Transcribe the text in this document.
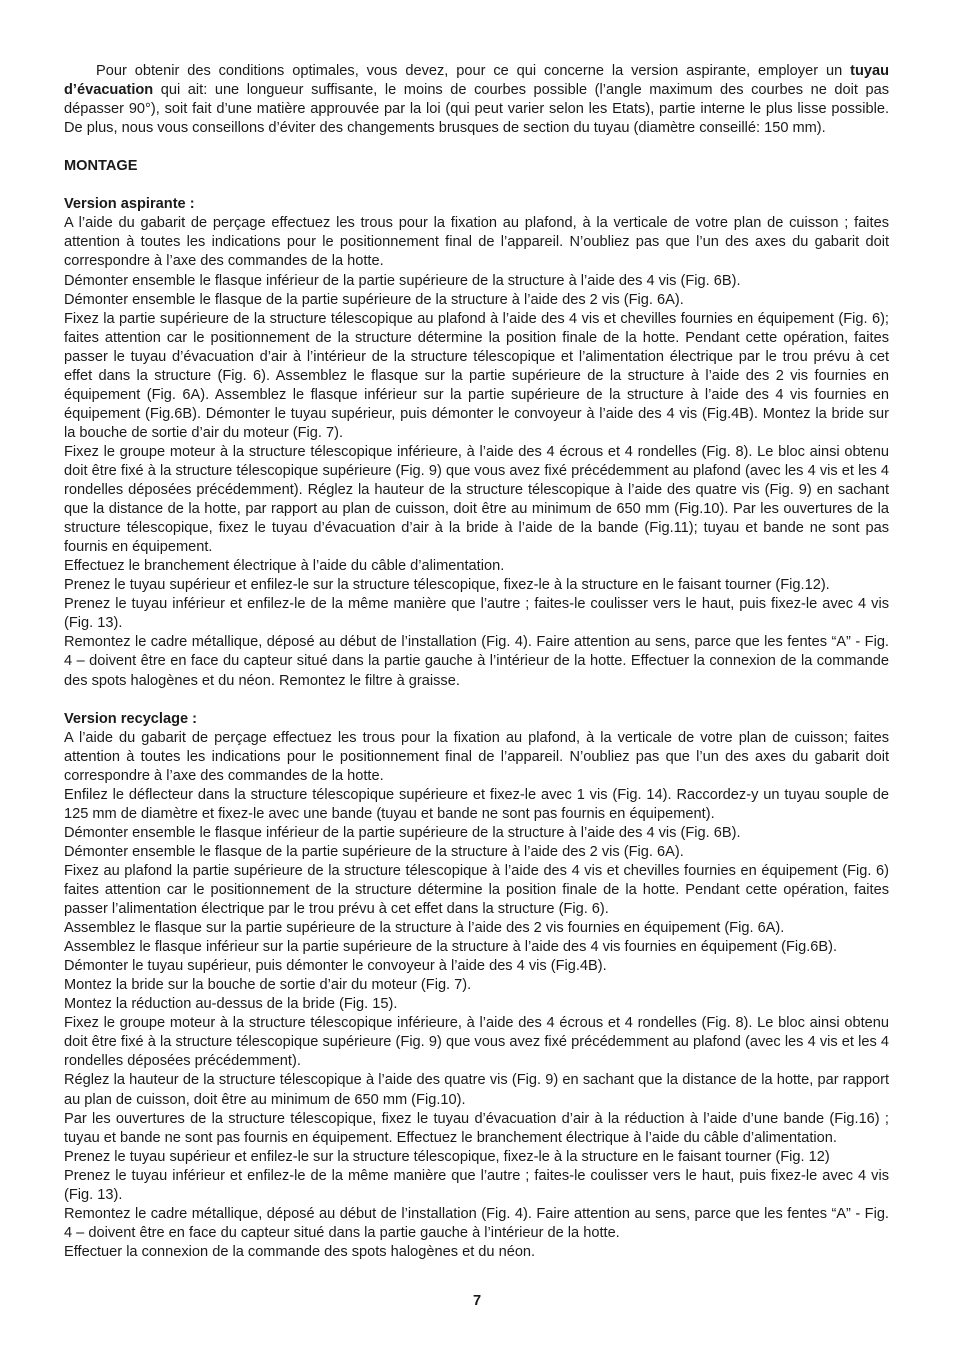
Pour obtenir des conditions optimales, vous devez, pour ce qui concerne la version aspirante, employer un tuyau d’évacuation qui ait: une longueur suffisante, le moins de courbes possible (l’angle maximum des courbes ne doit pas dépasser 90°), soit fait d’une matière approuvée par la loi (qui peut varier selon les Etats), partie interne le plus lisse possible. De plus, nous vous conseillons d’éviter des changements brusques de section du tuyau (diamètre conseillé: 150 mm).

MONTAGE

Version aspirante :

A l’aide du gabarit de perçage effectuez les trous pour la fixation au plafond, à la verticale de votre plan de cuisson ; faites attention à toutes les indications pour le positionnement final de l’appareil. N’oubliez pas que l’un des axes du gabarit doit correspondre à l’axe des commandes de la hotte.

Démonter ensemble le flasque inférieur de la partie supérieure de la structure à l’aide des 4 vis (Fig. 6B).

Démonter ensemble le flasque de la partie supérieure de la structure à l’aide des 2 vis (Fig. 6A).

Fixez la partie supérieure de la structure télescopique au plafond à l’aide des 4 vis et chevilles fournies en équipement (Fig. 6); faites attention car le positionnement de la structure détermine la position finale de la hotte. Pendant cette opération, faites passer le tuyau d’évacuation d’air à l’intérieur de la structure télescopique et l’alimentation électrique par le trou prévu à cet effet dans la structure (Fig. 6). Assemblez le flasque sur la partie supérieure de la structure à l’aide des 2 vis fournies en équipement (Fig. 6A). Assemblez le flasque inférieur sur la partie supérieure de la structure à l’aide des 4 vis fournies en équipement (Fig.6B). Démonter le tuyau supérieur, puis démonter le convoyeur à l’aide des 4 vis (Fig.4B). Montez la bride sur la bouche de sortie d’air du moteur (Fig. 7).

Fixez le groupe moteur à la structure télescopique inférieure, à l’aide des 4 écrous et 4 rondelles (Fig. 8). Le bloc ainsi obtenu doit être fixé à la structure télescopique supérieure (Fig. 9) que vous avez fixé précédemment au plafond (avec les 4 vis et les 4 rondelles déposées précédemment). Réglez la hauteur de la structure télescopique à l’aide des quatre vis (Fig. 9) en sachant que la distance de la hotte, par rapport au plan de cuisson, doit être au minimum de 650 mm (Fig.10). Par les ouvertures de la structure télescopique, fixez le tuyau d’évacuation d’air à la bride à l’aide de la bande (Fig.11); tuyau et bande ne sont pas fournis en équipement.

Effectuez le branchement électrique à l’aide du câble d’alimentation.

Prenez le tuyau supérieur et enfilez-le sur la structure télescopique, fixez-le à la structure en le faisant tourner (Fig.12).

Prenez le tuyau inférieur et enfilez-le de la même manière que l’autre ; faites-le coulisser vers le haut, puis fixez-le avec 4 vis (Fig. 13).

Remontez le cadre métallique, déposé au début de l’installation (Fig. 4). Faire attention au sens, parce que les fentes “A” - Fig. 4 – doivent être en face du capteur situé dans la partie gauche à l’intérieur de la hotte. Effectuer la connexion de la commande des spots halogènes et du néon. Remontez le filtre à graisse.

Version recyclage :

A l’aide du gabarit de perçage effectuez les trous pour la fixation au plafond, à la verticale de votre plan de cuisson; faites attention à toutes les indications pour le positionnement final de l’appareil. N’oubliez pas que l’un des axes du gabarit doit correspondre à l’axe des commandes de la hotte.

Enfilez le déflecteur dans la structure télescopique supérieure et fixez-le avec 1 vis (Fig. 14). Raccordez-y un tuyau souple de 125 mm de diamètre et fixez-le avec une bande (tuyau et bande ne sont pas fournis en équipement).

Démonter ensemble le flasque inférieur de la partie supérieure de la structure à l’aide des 4 vis (Fig. 6B).

Démonter ensemble le flasque de la partie supérieure de la structure à l’aide des 2 vis (Fig. 6A).

Fixez au plafond la partie supérieure de la structure télescopique à l’aide des 4 vis et chevilles fournies en équipement (Fig. 6) faites attention car le positionnement de la structure détermine la position finale de la hotte. Pendant cette opération, faites passer l’alimentation électrique par le trou prévu à cet effet dans la structure (Fig. 6).

Assemblez le flasque sur la partie supérieure de la structure à l’aide des 2 vis fournies en équipement (Fig. 6A).

Assemblez le flasque inférieur sur la partie supérieure de la structure à l’aide des 4 vis fournies en équipement (Fig.6B).

Démonter le tuyau supérieur, puis démonter le convoyeur à l’aide des 4 vis (Fig.4B).

Montez la bride sur la bouche de sortie d’air du moteur (Fig. 7).

Montez la réduction au-dessus de la bride (Fig. 15).

Fixez le groupe moteur à la structure télescopique inférieure, à l’aide des 4 écrous et 4 rondelles (Fig. 8). Le bloc ainsi obtenu doit être fixé à la structure télescopique supérieure (Fig. 9) que vous avez fixé précédemment au plafond (avec les 4 vis et les 4 rondelles déposées précédemment).

Réglez la hauteur de la structure télescopique à l’aide des quatre vis (Fig. 9) en sachant que la distance de la hotte, par rapport au plan de cuisson, doit être au minimum de 650 mm (Fig.10).

Par les ouvertures de la structure télescopique, fixez le tuyau d’évacuation d’air à la réduction à l’aide d’une bande (Fig.16) ; tuyau et bande ne sont pas fournis en équipement. Effectuez le branchement électrique à l’aide du câble d’alimentation.

Prenez le tuyau supérieur et enfilez-le sur la structure télescopique, fixez-le à la structure en le faisant tourner (Fig. 12)

Prenez le tuyau inférieur et enfilez-le de la même manière que l’autre ; faites-le coulisser vers le haut, puis fixez-le avec 4 vis (Fig. 13).

Remontez le cadre métallique, déposé au début de l’installation (Fig. 4). Faire attention au sens, parce que les fentes “A” - Fig. 4 – doivent être en face du capteur situé dans la partie gauche à l’intérieur de la hotte.

Effectuer la connexion de la commande des spots halogènes et du néon.

7
